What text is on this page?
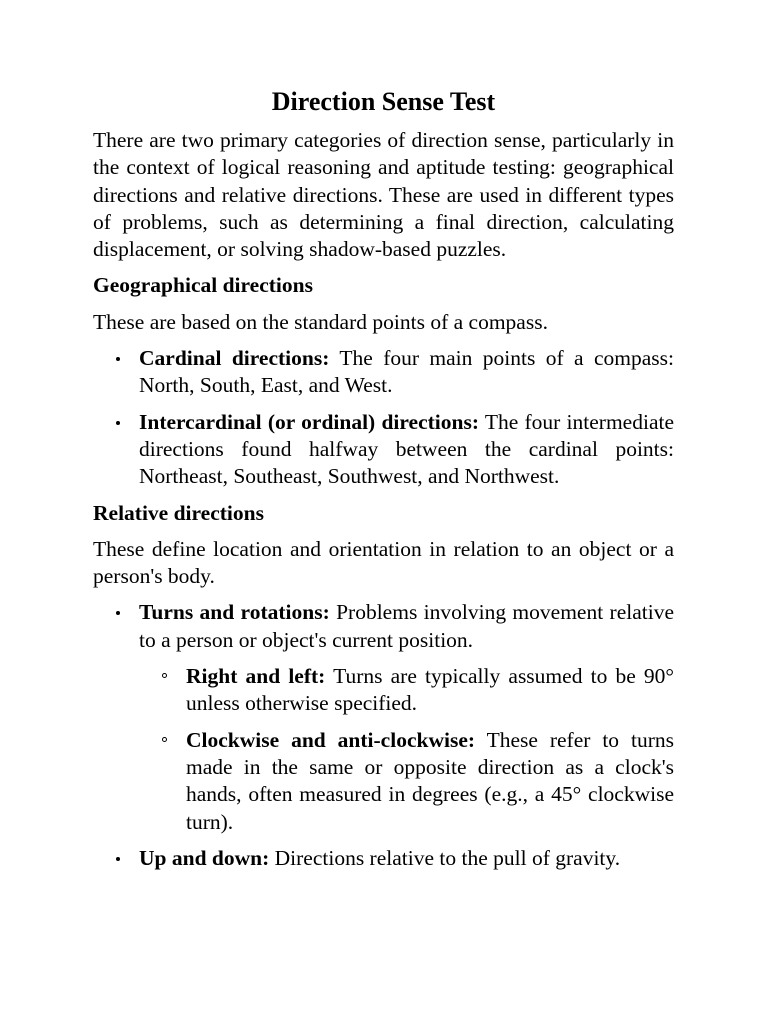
Direction Sense Test

There are two primary categories of direction sense, particularly in the context of logical reasoning and aptitude testing: geographical directions and relative directions. These are used in different types of problems, such as determining a final direction, calculating displacement, or solving shadow-based puzzles.

Geographical directions

These are based on the standard points of a compass.

Cardinal directions: The four main points of a compass: North, South, East, and West.
Intercardinal (or ordinal) directions: The four intermediate directions found halfway between the cardinal points: Northeast, Southeast, Southwest, and Northwest.
Relative directions

These define location and orientation in relation to an object or a person's body.

Turns and rotations: Problems involving movement relative to a person or object's current position.
Right and left: Turns are typically assumed to be 90° unless otherwise specified.
Clockwise and anti-clockwise: These refer to turns made in the same or opposite direction as a clock's hands, often measured in degrees (e.g., a 45° clockwise turn).
Up and down: Directions relative to the pull of gravity.
